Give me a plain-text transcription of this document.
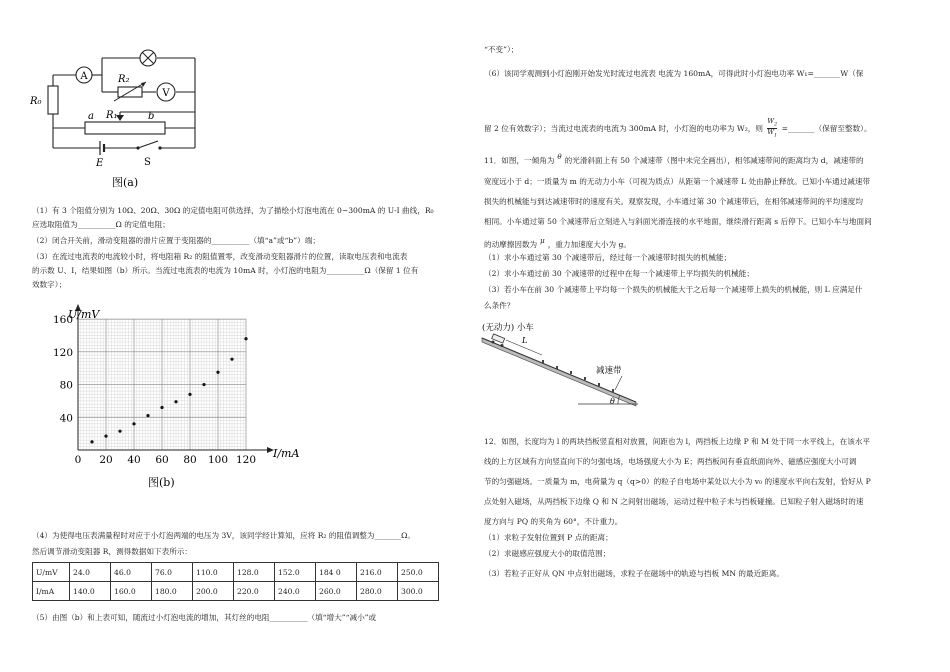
A	R₂
V
R₀
R₁
a	b
E	S
图(a)
（1）有 3 个阻值分别为 10Ω、20Ω、30Ω 的定值电阻可供选择，为了描绘小灯泡电流在 0~300mA 的 U-I 曲线，R₀
应选取阻值为__________Ω 的定值电阻；
（2）闭合开关前，滑动变阻器的滑片应置于变阻器的__________（填“a”或“b”）端；
（3）在流过电流表的电流较小时，将电阻箱 R₂ 的阻值置零，改变滑动变阻器滑片的位置，读取电压表和电流表
的示数 U、I，结果如图（b）所示。当流过电流表的电流为 10mA 时，小灯泡的电阻为__________Ω（保留 1 位有
效数字）；
0 20 40 60 80 100 120
40
80
120
160
I/mA
U/mV
图(b)
（4）为使得电压表满量程时对应于小灯泡两端的电压为 3V，该同学经计算知，应将 R₂ 的阻值调整为_______Ω。
然后调节滑动变阻器 R，测得数据如下表所示：
U/mV	24.0	46.0	76.0	110.0	128.0	152.0	184 0	216.0	250.0
I/mA	140.0	160.0	180.0	200.0	220.0	240.0	260.0	280.0	300.0
（5）由图（b）和上表可知，随流过小灯泡电流的增加，其灯丝的电阻__________（填“增大”“减小”或
“不变”）；
（6）该同学观测到小灯泡刚开始发光时流过电流表 电流为 160mA，可得此时小灯泡电功率 W₁=_______W（保
留 2 位有效数字）；当流过电流表的电流为 300mA 时，小灯泡的电功率为 W₂，则 $\frac{W_2}{W_1}$ =_______（保留至整数）。
11．如图，一倾角为 θ 的光滑斜面上有 50 个减速带（图中未完全画出），相邻减速带间的距离均为 d，减速带的
宽度远小于 d；一质量为 m 的无动力小车（可视为质点）从距第一个减速带 L 处由静止释放。已知小车通过减速带
损失的机械能与到达减速带时的速度有关。观察发现，小车通过第 30 个减速带后，在相邻减速带间的平均速度均
相同。小车通过第 50 个减速带后立刻进入与斜面光滑连接的水平地面，继续滑行距离 s 后停下。已知小车与地面间
的动摩擦因数为 μ ，重力加速度大小为 g。
（1）求小车通过第 30 个减速带后，经过每一个减速带时损失的机械能；
（2）求小车通过前 30 个减速带的过程中在每一个减速带上平均损失的机械能；
（3）若小车在前 30 个减速带上平均每一个损失的机械能大于之后每一个减速带上损失的机械能，则 L 应满足什
么条件？
(无动力) 小车
L
减速带
θ
12．如图，长度均为 l 的两块挡板竖直相对放置，间距也为 l，两挡板上边缘 P 和 M 处于同一水平线上，在该水平
线的上方区域有方向竖直向下的匀强电场，电场强度大小为 E；两挡板间有垂直纸面向外、磁感应强度大小可调
节的匀强磁场。一质量为 m，电荷量为 q（q>0）的粒子自电场中某处以大小为 v₀ 的速度水平向右发射，恰好从 P
点处射入磁场，从两挡板下边缘 Q 和 N 之间射出磁场，运动过程中粒子未与挡板碰撞。已知粒子射入磁场时的速
度方向与 PQ 的夹角为 60°，不计重力。
（1）求粒子发射位置到 P 点的距离；
（2）求磁感应强度大小的取值范围；
（3）若粒子正好从 QN 中点射出磁场，求粒子在磁场中的轨迹与挡板 MN 的最近距离。
